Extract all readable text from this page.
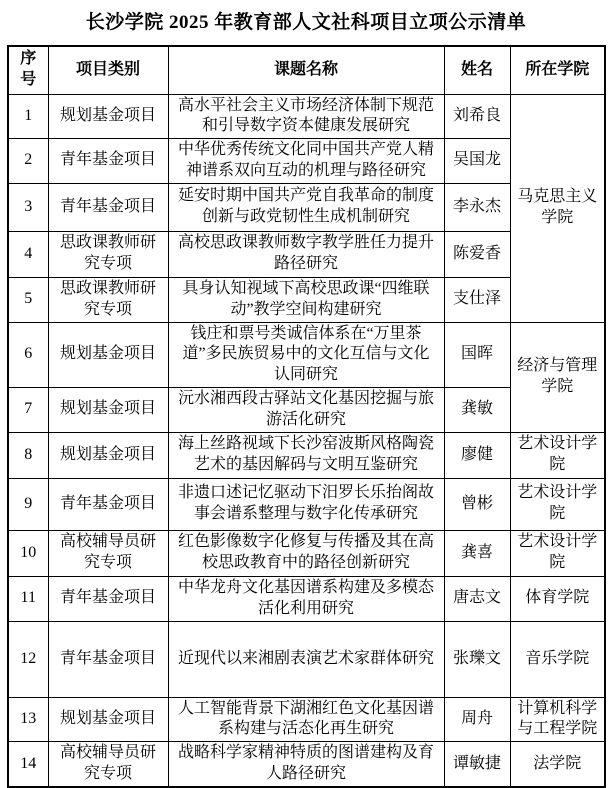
长沙学院 2025 年教育部人文社科项目立项公示清单
序号	项目类别	课题名称	姓名	所在学院
1	规划基金项目	高水平社会主义市场经济体制下规范和引导数字资本健康发展研究	刘希良	马克思主义学院
2	青年基金项目	中华优秀传统文化同中国共产党人精神谱系双向互动的机理与路径研究	吴国龙	
3	青年基金项目	延安时期中国共产党自我革命的制度创新与政党韧性生成机制研究	李永杰	
4	思政课教师研究专项	高校思政课教师数字教学胜任力提升路径研究	陈爱香	
5	思政课教师研究专项	具身认知视域下高校思政课“四维联动”教学空间构建研究	支仕泽	
6	规划基金项目	钱庄和票号类诚信体系在“万里茶道”多民族贸易中的文化互信与文化认同研究	国晖	经济与管理学院
7	规划基金项目	沅水湘西段古驿站文化基因挖掘与旅游活化研究	龚敏	
8	规划基金项目	海上丝路视域下长沙窑波斯风格陶瓷艺术的基因解码与文明互鉴研究	廖健	艺术设计学院
9	青年基金项目	非遗口述记忆驱动下汨罗长乐抬阁故事会谱系整理与数字化传承研究	曾彬	艺术设计学院
10	高校辅导员研究专项	红色影像数字化修复与传播及其在高校思政教育中的路径创新研究	龚喜	艺术设计学院
11	青年基金项目	中华龙舟文化基因谱系构建及多模态活化利用研究	唐志文	体育学院
12	青年基金项目	近现代以来湘剧表演艺术家群体研究	张瓅文	音乐学院
13	规划基金项目	人工智能背景下湖湘红色文化基因谱系构建与活态化再生研究	周舟	计算机科学与工程学院
14	高校辅导员研究专项	战略科学家精神特质的图谱建构及育人路径研究	谭敏捷	法学院
